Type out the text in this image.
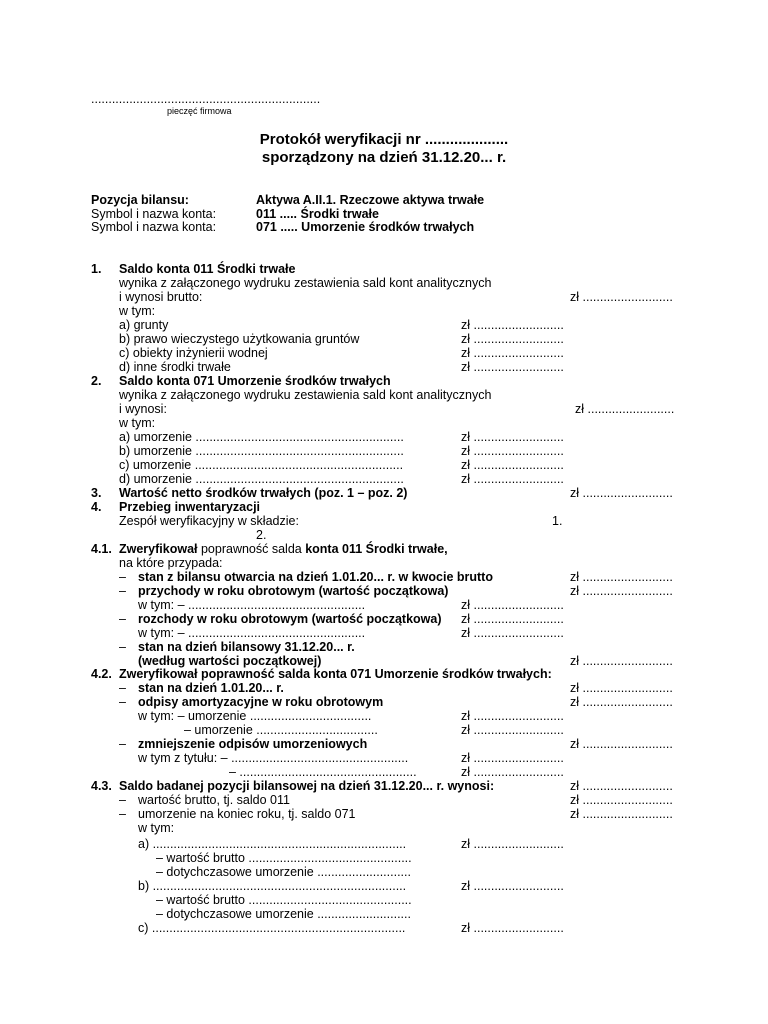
..................................................................
pieczęć firmowa
Protokół weryfikacji nr ....................
sporządzony na dzień 31.12.20... r.
Pozycja bilansu:	Aktywa A.II.1. Rzeczowe aktywa trwałe
Symbol i nazwa konta:	011 ..... Środki trwałe
Symbol i nazwa konta:	071 ..... Umorzenie środków trwałych
1. Saldo konta 011 Środki trwałe
wynika z załączonego wydruku zestawienia sald kont analitycznych
i wynosi brutto:	zł ..........................
w tym:
a) grunty	zł ..........................
b) prawo wieczystego użytkowania gruntów	zł ..........................
c) obiekty inżynierii wodnej	zł ..........................
d) inne środki trwałe	zł ..........................
2. Saldo konta 071 Umorzenie środków trwałych
wynika z załączonego wydruku zestawienia sald kont analitycznych
i wynosi:	zł .........................
w tym:
a) umorzenie ............................................................	zł ..........................
b) umorzenie ............................................................	zł ..........................
c) umorzenie ............................................................	zł ..........................
d) umorzenie ............................................................	zł ..........................
3. Wartość netto środków trwałych (poz. 1 – poz. 2)	zł ..........................
4. Przebieg inwentaryzacji
Zespół weryfikacyjny w składzie:	1.
2.
4.1. Zweryfikował poprawność salda konta 011 Środki trwałe,
na które przypada:
– stan z bilansu otwarcia na dzień 1.01.20... r. w kwocie brutto	zł ..........................
– przychody w roku obrotowym (wartość początkowa)	zł ..........................
w tym: – ...................................................	zł ..........................
– rozchody w roku obrotowym (wartość początkowa) zł ..........................
w tym: – ...................................................	zł ..........................
– stan na dzień bilansowy 31.12.20... r.
(według wartości początkowej)	zł ..........................
4.2. Zweryfikował poprawność salda konta 071 Umorzenie środków trwałych:
– stan na dzień 1.01.20... r.	zł ..........................
– odpisy amortyzacyjne w roku obrotowym	zł ..........................
w tym: – umorzenie ...................................	zł ..........................
– umorzenie ...................................	zł ..........................
– zmniejszenie odpisów umorzeniowych	zł ..........................
w tym z tytułu: – ...................................................	zł ..........................
– ...................................................	zł ..........................
4.3. Saldo badanej pozycji bilansowej na dzień 31.12.20... r. wynosi:	zł ..........................
– wartość brutto, tj. saldo 011	zł ..........................
– umorzenie na koniec roku, tj. saldo 071	zł ..........................
w tym:
a) .........................................................................	zł ..........................
– wartość brutto ...............................................
– dotychczasowe umorzenie ...........................
b) .........................................................................	zł ..........................
– wartość brutto ...............................................
– dotychczasowe umorzenie ...........................
c) .........................................................................	zł ..........................
